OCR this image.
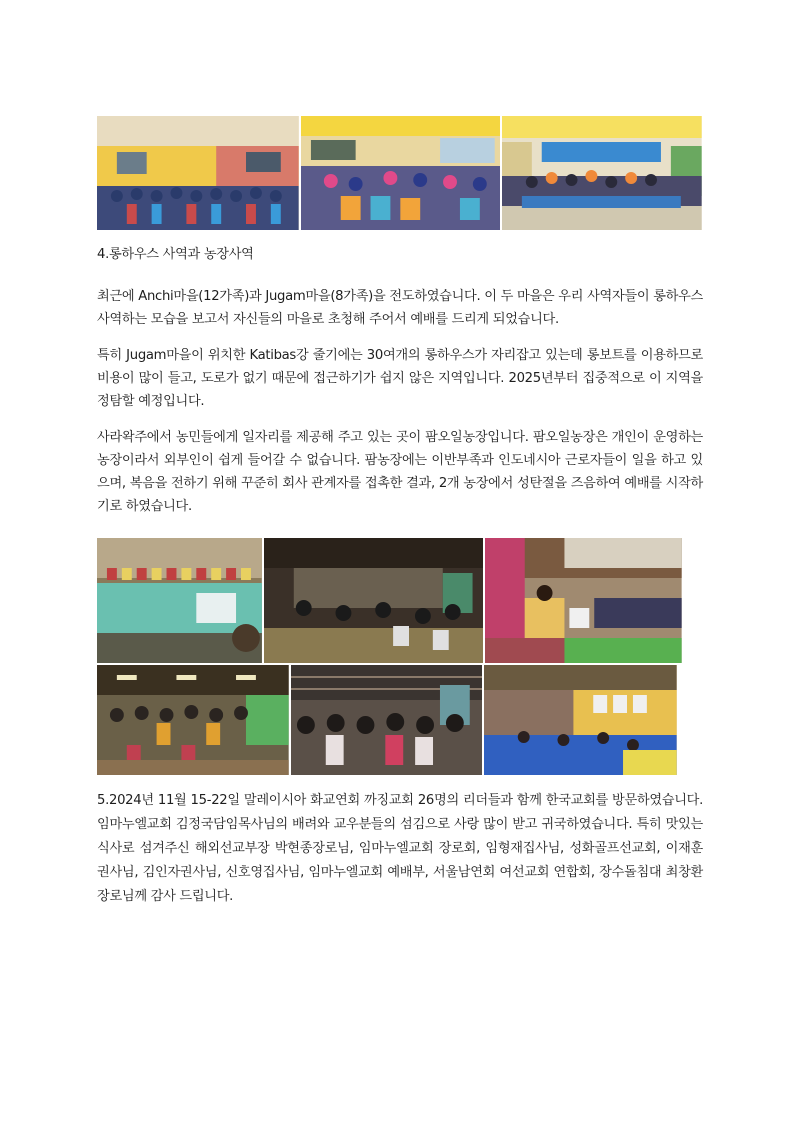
4.롱하우스 사역과 농장사역

최근에 Anchi마을(12가족)과 Jugam마을(8가족)을 전도하였습니다. 이 두 마을은 우리 사역자들이 롱하우스사역하는 모습을 보고서 자신들의 마을로 초청해 주어서 예배를 드리게 되었습니다.

특히 Jugam마을이 위치한 Katibas강 줄기에는 30여개의 롱하우스가 자리잡고 있는데 롱보트를 이용하므로 비용이 많이 들고, 도로가 없기 때문에 접근하기가 쉽지 않은 지역입니다. 2025년부터 집중적으로 이 지역을 정탐할 예정입니다.

사라왁주에서 농민들에게 일자리를 제공해 주고 있는 곳이 팜오일농장입니다. 팜오일농장은 개인이 운영하는 농장이라서 외부인이 쉽게 들어갈 수 없습니다. 팜농장에는 이반부족과 인도네시아 근로자들이 일을 하고 있으며, 복음을 전하기 위해 꾸준히 회사 관계자를 접촉한 결과, 2개 농장에서 성탄절을 즈음하여 예배를 시작하기로 하였습니다.

5.2024년 11월 15-22일 말레이시아 화교연회 까징교회 26명의 리더들과 함께 한국교회를 방문하였습니다. 임마누엘교회 김정국담임목사님의 배려와 교우분들의 섬김으로 사랑 많이 받고 귀국하였습니다. 특히 맛있는 식사로 섬겨주신 해외선교부장 박현종장로님, 임마누엘교회 장로회, 임형재집사님, 성화골프선교회, 이재훈권사님, 김인자권사님, 신호영집사님, 임마누엘교회 예배부, 서울남연회 여선교회 연합회, 장수돌침대 최창환장로님께 감사 드립니다.
